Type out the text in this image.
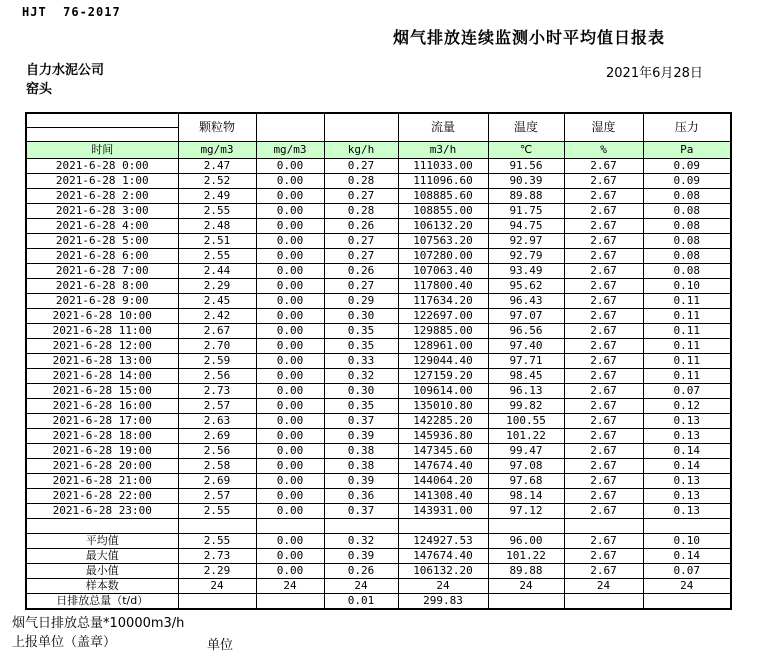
HJT  76-2017
烟气排放连续监测小时平均值日报表
自力水泥公司
窑头
2021年6月28日
	颗粒物			流量	温度	湿度	压力

时间	mg/m3	mg/m3	kg/h	m3/h	℃	%	Pa
2021-6-28 0:00	2.47	0.00	0.27	111033.00	91.56	2.67	0.09
2021-6-28 1:00	2.52	0.00	0.28	111096.60	90.39	2.67	0.09
2021-6-28 2:00	2.49	0.00	0.27	108885.60	89.88	2.67	0.08
2021-6-28 3:00	2.55	0.00	0.28	108855.00	91.75	2.67	0.08
2021-6-28 4:00	2.48	0.00	0.26	106132.20	94.75	2.67	0.08
2021-6-28 5:00	2.51	0.00	0.27	107563.20	92.97	2.67	0.08
2021-6-28 6:00	2.55	0.00	0.27	107280.00	92.79	2.67	0.08
2021-6-28 7:00	2.44	0.00	0.26	107063.40	93.49	2.67	0.08
2021-6-28 8:00	2.29	0.00	0.27	117800.40	95.62	2.67	0.10
2021-6-28 9:00	2.45	0.00	0.29	117634.20	96.43	2.67	0.11
2021-6-28 10:00	2.42	0.00	0.30	122697.00	97.07	2.67	0.11
2021-6-28 11:00	2.67	0.00	0.35	129885.00	96.56	2.67	0.11
2021-6-28 12:00	2.70	0.00	0.35	128961.00	97.40	2.67	0.11
2021-6-28 13:00	2.59	0.00	0.33	129044.40	97.71	2.67	0.11
2021-6-28 14:00	2.56	0.00	0.32	127159.20	98.45	2.67	0.11
2021-6-28 15:00	2.73	0.00	0.30	109614.00	96.13	2.67	0.07
2021-6-28 16:00	2.57	0.00	0.35	135010.80	99.82	2.67	0.12
2021-6-28 17:00	2.63	0.00	0.37	142285.20	100.55	2.67	0.13
2021-6-28 18:00	2.69	0.00	0.39	145936.80	101.22	2.67	0.13
2021-6-28 19:00	2.56	0.00	0.38	147345.60	99.47	2.67	0.14
2021-6-28 20:00	2.58	0.00	0.38	147674.40	97.08	2.67	0.14
2021-6-28 21:00	2.69	0.00	0.39	144064.20	97.68	2.67	0.13
2021-6-28 22:00	2.57	0.00	0.36	141308.40	98.14	2.67	0.13
2021-6-28 23:00	2.55	0.00	0.37	143931.00	97.12	2.67	0.13

平均值	2.55	0.00	0.32	124927.53	96.00	2.67	0.10
最大值	2.73	0.00	0.39	147674.40	101.22	2.67	0.14
最小值	2.29	0.00	0.26	106132.20	89.88	2.67	0.07
样本数	24	24	24	24	24	24	24
日排放总量（t/d）			0.01	299.83			
烟气日排放总量*10000m3/h
上报单位（盖章）	单位
